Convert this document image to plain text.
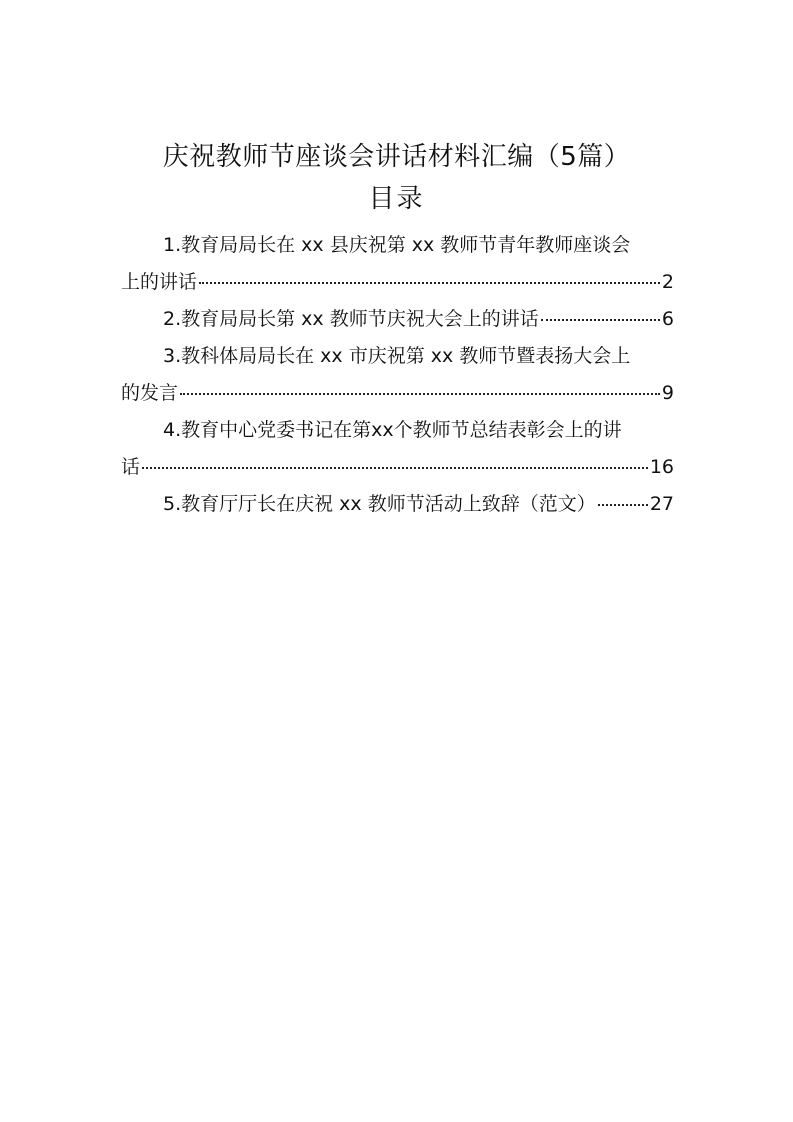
庆祝教师节座谈会讲话材料汇编（5篇）
目录
1.教育局局长在 xx 县庆祝第 xx 教师节青年教师座谈会
上的讲话	2
2.教育局局长第 xx 教师节庆祝大会上的讲话	6
3.教科体局局长在 xx 市庆祝第 xx 教师节暨表扬大会上
的发言	9
4.教育中心党委书记在第xx个教师节总结表彰会上的讲
话	16
5.教育厅厅长在庆祝 xx 教师节活动上致辞（范文）	27
